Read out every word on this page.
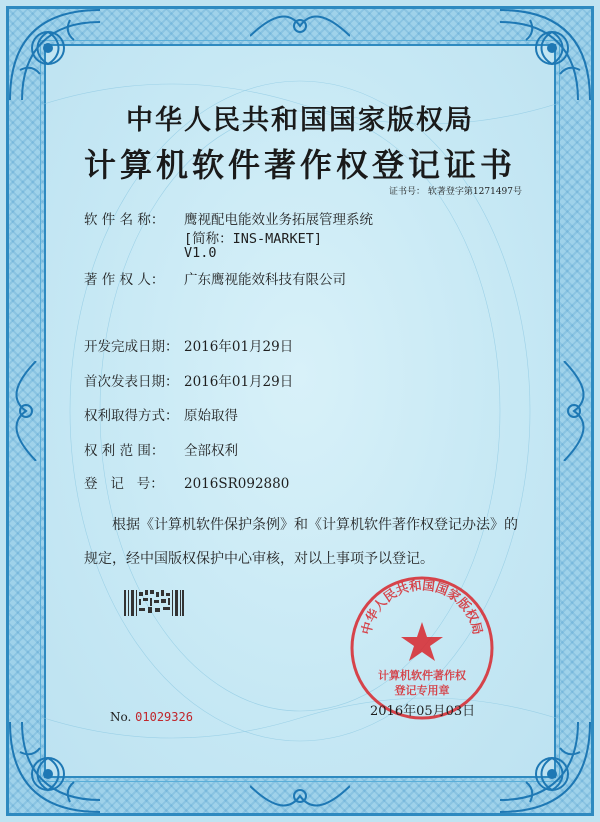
中华人民共和国国家版权局
计算机软件著作权登记证书
证书号： 软著登字第1271497号
软 件 名 称： 鹰视配电能效业务拓展管理系统
[简称：INS-MARKET]
V1.0
著 作 权 人： 广东鹰视能效科技有限公司
开发完成日期： 2016年01月29日
首次发表日期： 2016年01月29日
权利取得方式： 原始取得
权 利 范 围： 全部权利
登   记   号： 2016SR092880
根据《计算机软件保护条例》和《计算机软件著作权登记办法》的
规定，经中国版权保护中心审核，对以上事项予以登记。
No. 01029326
中华人民共和国国家版权局
计算机软件著作权
登记专用章
2016年05月03日
